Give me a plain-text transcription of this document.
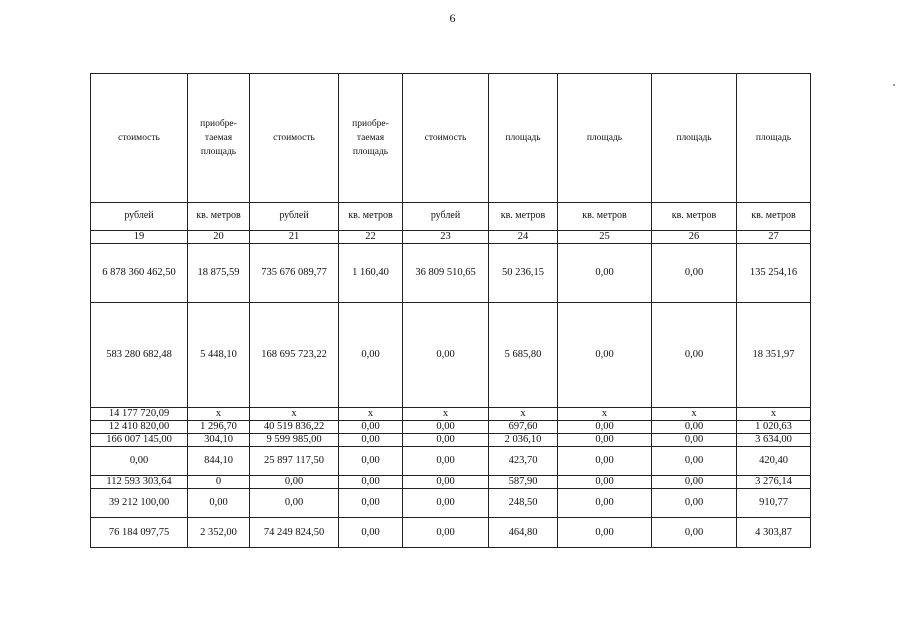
6
стоимость	приобре-
таемая
площадь	стоимость	приобре-
таемая
площадь	стоимость	площадь	площадь	площадь	площадь
рублей	кв. метров	рублей	кв. метров	рублей	кв. метров	кв. метров	кв. метров	кв. метров
19	20	21	22	23	24	25	26	27
6 878 360 462,50	18 875,59	735 676 089,77	1 160,40	36 809 510,65	50 236,15	0,00	0,00	135 254,16
583 280 682,48	5 448,10	168 695 723,22	0,00	0,00	5 685,80	0,00	0,00	18 351,97
14 177 720,09	х	х	х	х	х	х	х	х
12 410 820,00	1 296,70	40 519 836,22	0,00	0,00	697,60	0,00	0,00	1 020,63
166 007 145,00	304,10	9 599 985,00	0,00	0,00	2 036,10	0,00	0,00	3 634,00
0,00	844,10	25 897 117,50	0,00	0,00	423,70	0,00	0,00	420,40
112 593 303,64	0	0,00	0,00	0,00	587,90	0,00	0,00	3 276,14
39 212 100,00	0,00	0,00	0,00	0,00	248,50	0,00	0,00	910,77
76 184 097,75	2 352,00	74 249 824,50	0,00	0,00	464,80	0,00	0,00	4 303,87
